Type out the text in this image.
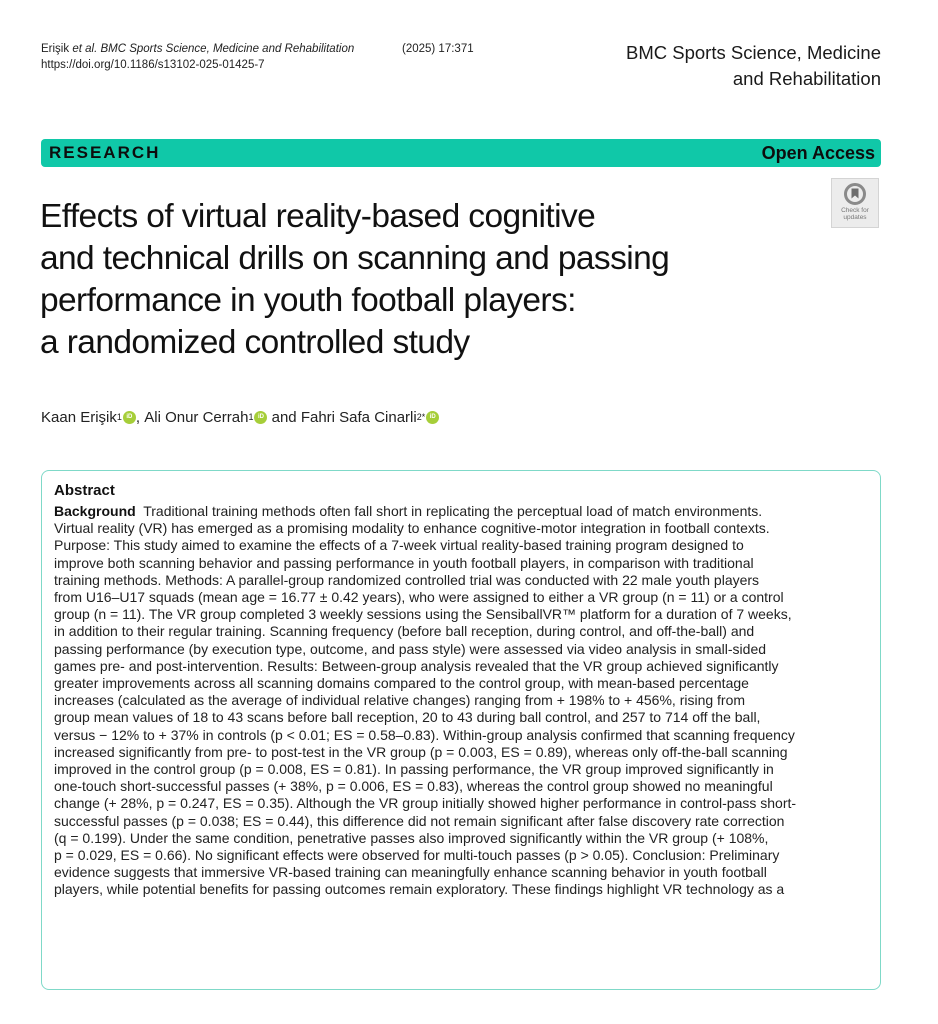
Erişik
et al.
BMC Sports Science, Medicine and Rehabilitation	(2025) 17:371
https://doi.org/10.1186/s13102-025-01425-7
BMC Sports Science, Medicine
and Rehabilitation
RESEARCH	Open Access
Check for
updates
Effects of virtual reality-based cognitive
and technical drills on scanning and passing
performance in youth football players:
a randomized controlled study
Kaan Erişik$^1$ iD , Ali Onur Cerrah$^1$ iD and Fahri Safa Cinarli$^{2*}$ iD
Abstract
Background  Traditional training methods often fall short in replicating the perceptual load of match environments.
Virtual reality (VR) has emerged as a promising modality to enhance cognitive-motor integration in football contexts.
Purpose: This study aimed to examine the effects of a 7-week virtual reality-based training program designed to
improve both scanning behavior and passing performance in youth football players, in comparison with traditional
training methods. Methods: A parallel-group randomized controlled trial was conducted with 22 male youth players
from U16–U17 squads (mean age = 16.77 ± 0.42 years), who were assigned to either a VR group (n = 11) or a control
group (n = 11). The VR group completed 3 weekly sessions using the SensiballVR™ platform for a duration of 7 weeks,
in addition to their regular training. Scanning frequency (before ball reception, during control, and off-the-ball) and
passing performance (by execution type, outcome, and pass style) were assessed via video analysis in small-sided
games pre- and post-intervention. Results: Between-group analysis revealed that the VR group achieved significantly
greater improvements across all scanning domains compared to the control group, with mean-based percentage
increases (calculated as the average of individual relative changes) ranging from + 198% to + 456%, rising from
group mean values of 18 to 43 scans before ball reception, 20 to 43 during ball control, and 257 to 714 off the ball,
versus − 12% to + 37% in controls (p < 0.01; ES = 0.58–0.83). Within-group analysis confirmed that scanning frequency
increased significantly from pre- to post-test in the VR group (p = 0.003, ES = 0.89), whereas only off-the-ball scanning
improved in the control group (p = 0.008, ES = 0.81). In passing performance, the VR group improved significantly in
one-touch short-successful passes (+ 38%, p = 0.006, ES = 0.83), whereas the control group showed no meaningful
change (+ 28%, p = 0.247, ES = 0.35). Although the VR group initially showed higher performance in control-pass short-
successful passes (p = 0.038; ES = 0.44), this difference did not remain significant after false discovery rate correction
(q = 0.199). Under the same condition, penetrative passes also improved significantly within the VR group (+ 108%,
p = 0.029, ES = 0.66). No significant effects were observed for multi-touch passes (p > 0.05). Conclusion: Preliminary
evidence suggests that immersive VR-based training can meaningfully enhance scanning behavior in youth football
players, while potential benefits for passing outcomes remain exploratory. These findings highlight VR technology as a
